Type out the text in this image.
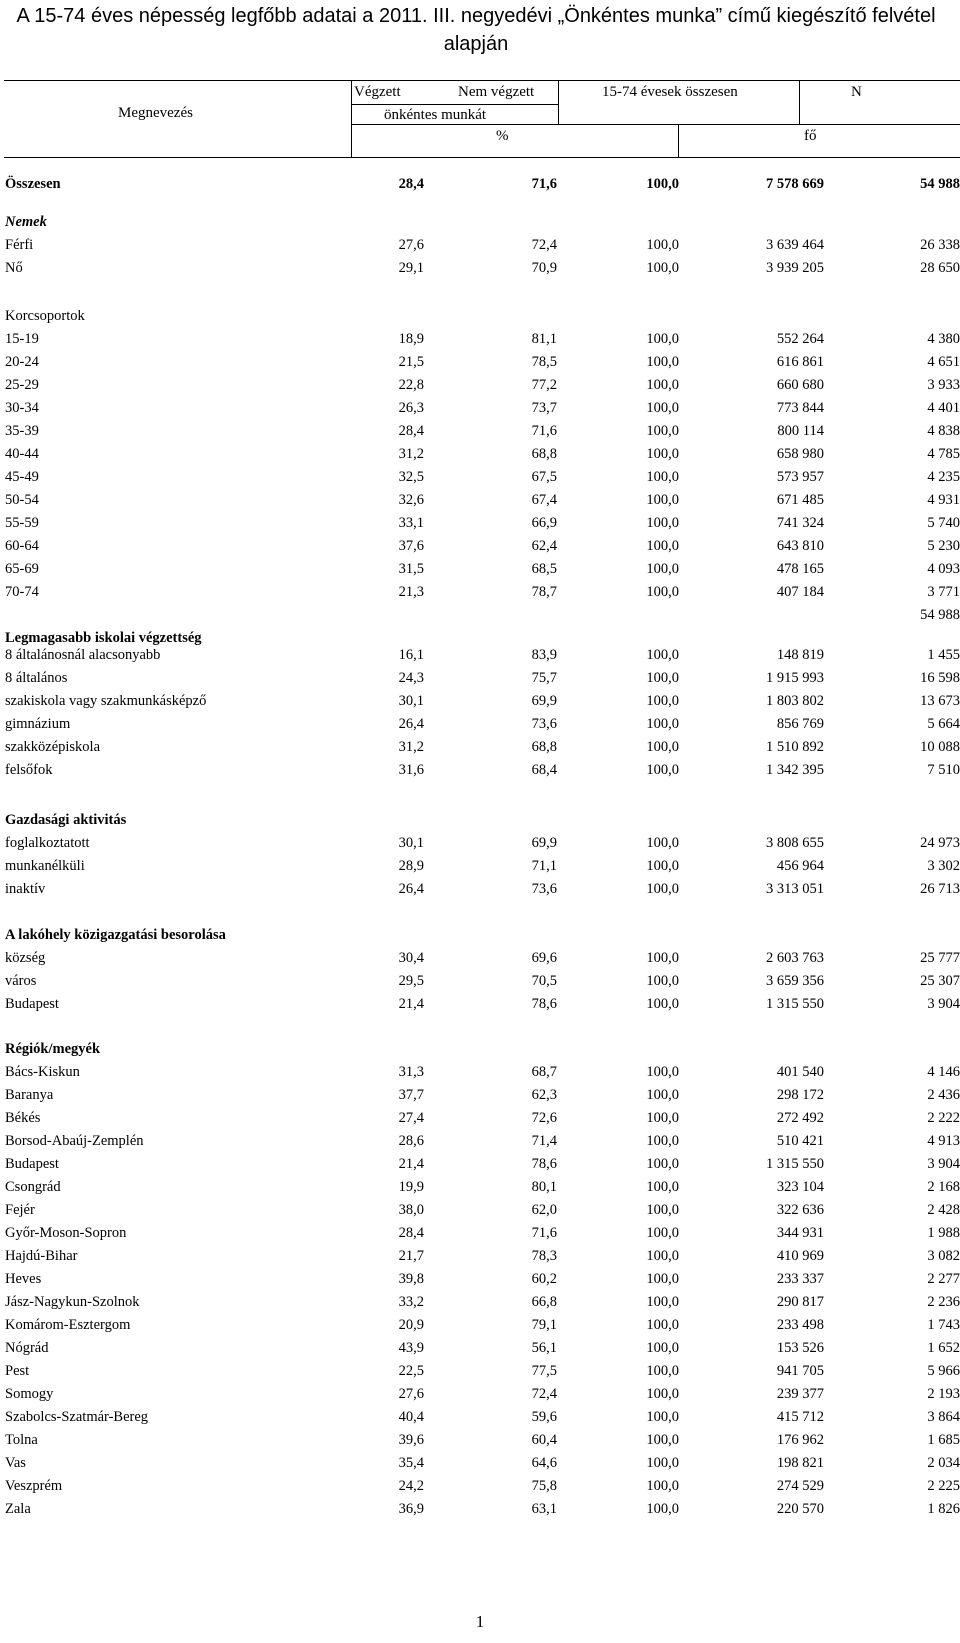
A 15-74 éves népesség legfőbb adatai a 2011. III. negyedévi „Önkéntes munka” című kiegészítő felvétel alapján
Megnevezés
Végzett	Nem végzett
önkéntes munkát
15-74 évesek összesen	N
%	fő
Összesen	28,4	71,6	100,0	7 578 669	54 988
Nemek
Férfi	27,6	72,4	100,0	3 639 464	26 338
Nő	29,1	70,9	100,0	3 939 205	28 650
Korcsoportok
15-19	18,9	81,1	100,0	552 264	4 380
20-24	21,5	78,5	100,0	616 861	4 651
25-29	22,8	77,2	100,0	660 680	3 933
30-34	26,3	73,7	100,0	773 844	4 401
35-39	28,4	71,6	100,0	800 114	4 838
40-44	31,2	68,8	100,0	658 980	4 785
45-49	32,5	67,5	100,0	573 957	4 235
50-54	32,6	67,4	100,0	671 485	4 931
55-59	33,1	66,9	100,0	741 324	5 740
60-64	37,6	62,4	100,0	643 810	5 230
65-69	31,5	68,5	100,0	478 165	4 093
70-74	21,3	78,7	100,0	407 184	3 771
54 988
Legmagasabb iskolai végzettség
8 általánosnál alacsonyabb	16,1	83,9	100,0	148 819	1 455
8 általános	24,3	75,7	100,0	1 915 993	16 598
szakiskola vagy szakmunkásképző	30,1	69,9	100,0	1 803 802	13 673
gimnázium	26,4	73,6	100,0	856 769	5 664
szakközépiskola	31,2	68,8	100,0	1 510 892	10 088
felsőfok	31,6	68,4	100,0	1 342 395	7 510
Gazdasági aktivitás
foglalkoztatott	30,1	69,9	100,0	3 808 655	24 973
munkanélküli	28,9	71,1	100,0	456 964	3 302
inaktív	26,4	73,6	100,0	3 313 051	26 713
A lakóhely közigazgatási besorolása
község	30,4	69,6	100,0	2 603 763	25 777
város	29,5	70,5	100,0	3 659 356	25 307
Budapest	21,4	78,6	100,0	1 315 550	3 904
Régiók/megyék
Bács-Kiskun	31,3	68,7	100,0	401 540	4 146
Baranya	37,7	62,3	100,0	298 172	2 436
Békés	27,4	72,6	100,0	272 492	2 222
Borsod-Abaúj-Zemplén	28,6	71,4	100,0	510 421	4 913
Budapest	21,4	78,6	100,0	1 315 550	3 904
Csongrád	19,9	80,1	100,0	323 104	2 168
Fejér	38,0	62,0	100,0	322 636	2 428
Győr-Moson-Sopron	28,4	71,6	100,0	344 931	1 988
Hajdú-Bihar	21,7	78,3	100,0	410 969	3 082
Heves	39,8	60,2	100,0	233 337	2 277
Jász-Nagykun-Szolnok	33,2	66,8	100,0	290 817	2 236
Komárom-Esztergom	20,9	79,1	100,0	233 498	1 743
Nógrád	43,9	56,1	100,0	153 526	1 652
Pest	22,5	77,5	100,0	941 705	5 966
Somogy	27,6	72,4	100,0	239 377	2 193
Szabolcs-Szatmár-Bereg	40,4	59,6	100,0	415 712	3 864
Tolna	39,6	60,4	100,0	176 962	1 685
Vas	35,4	64,6	100,0	198 821	2 034
Veszprém	24,2	75,8	100,0	274 529	2 225
Zala	36,9	63,1	100,0	220 570	1 826
1
